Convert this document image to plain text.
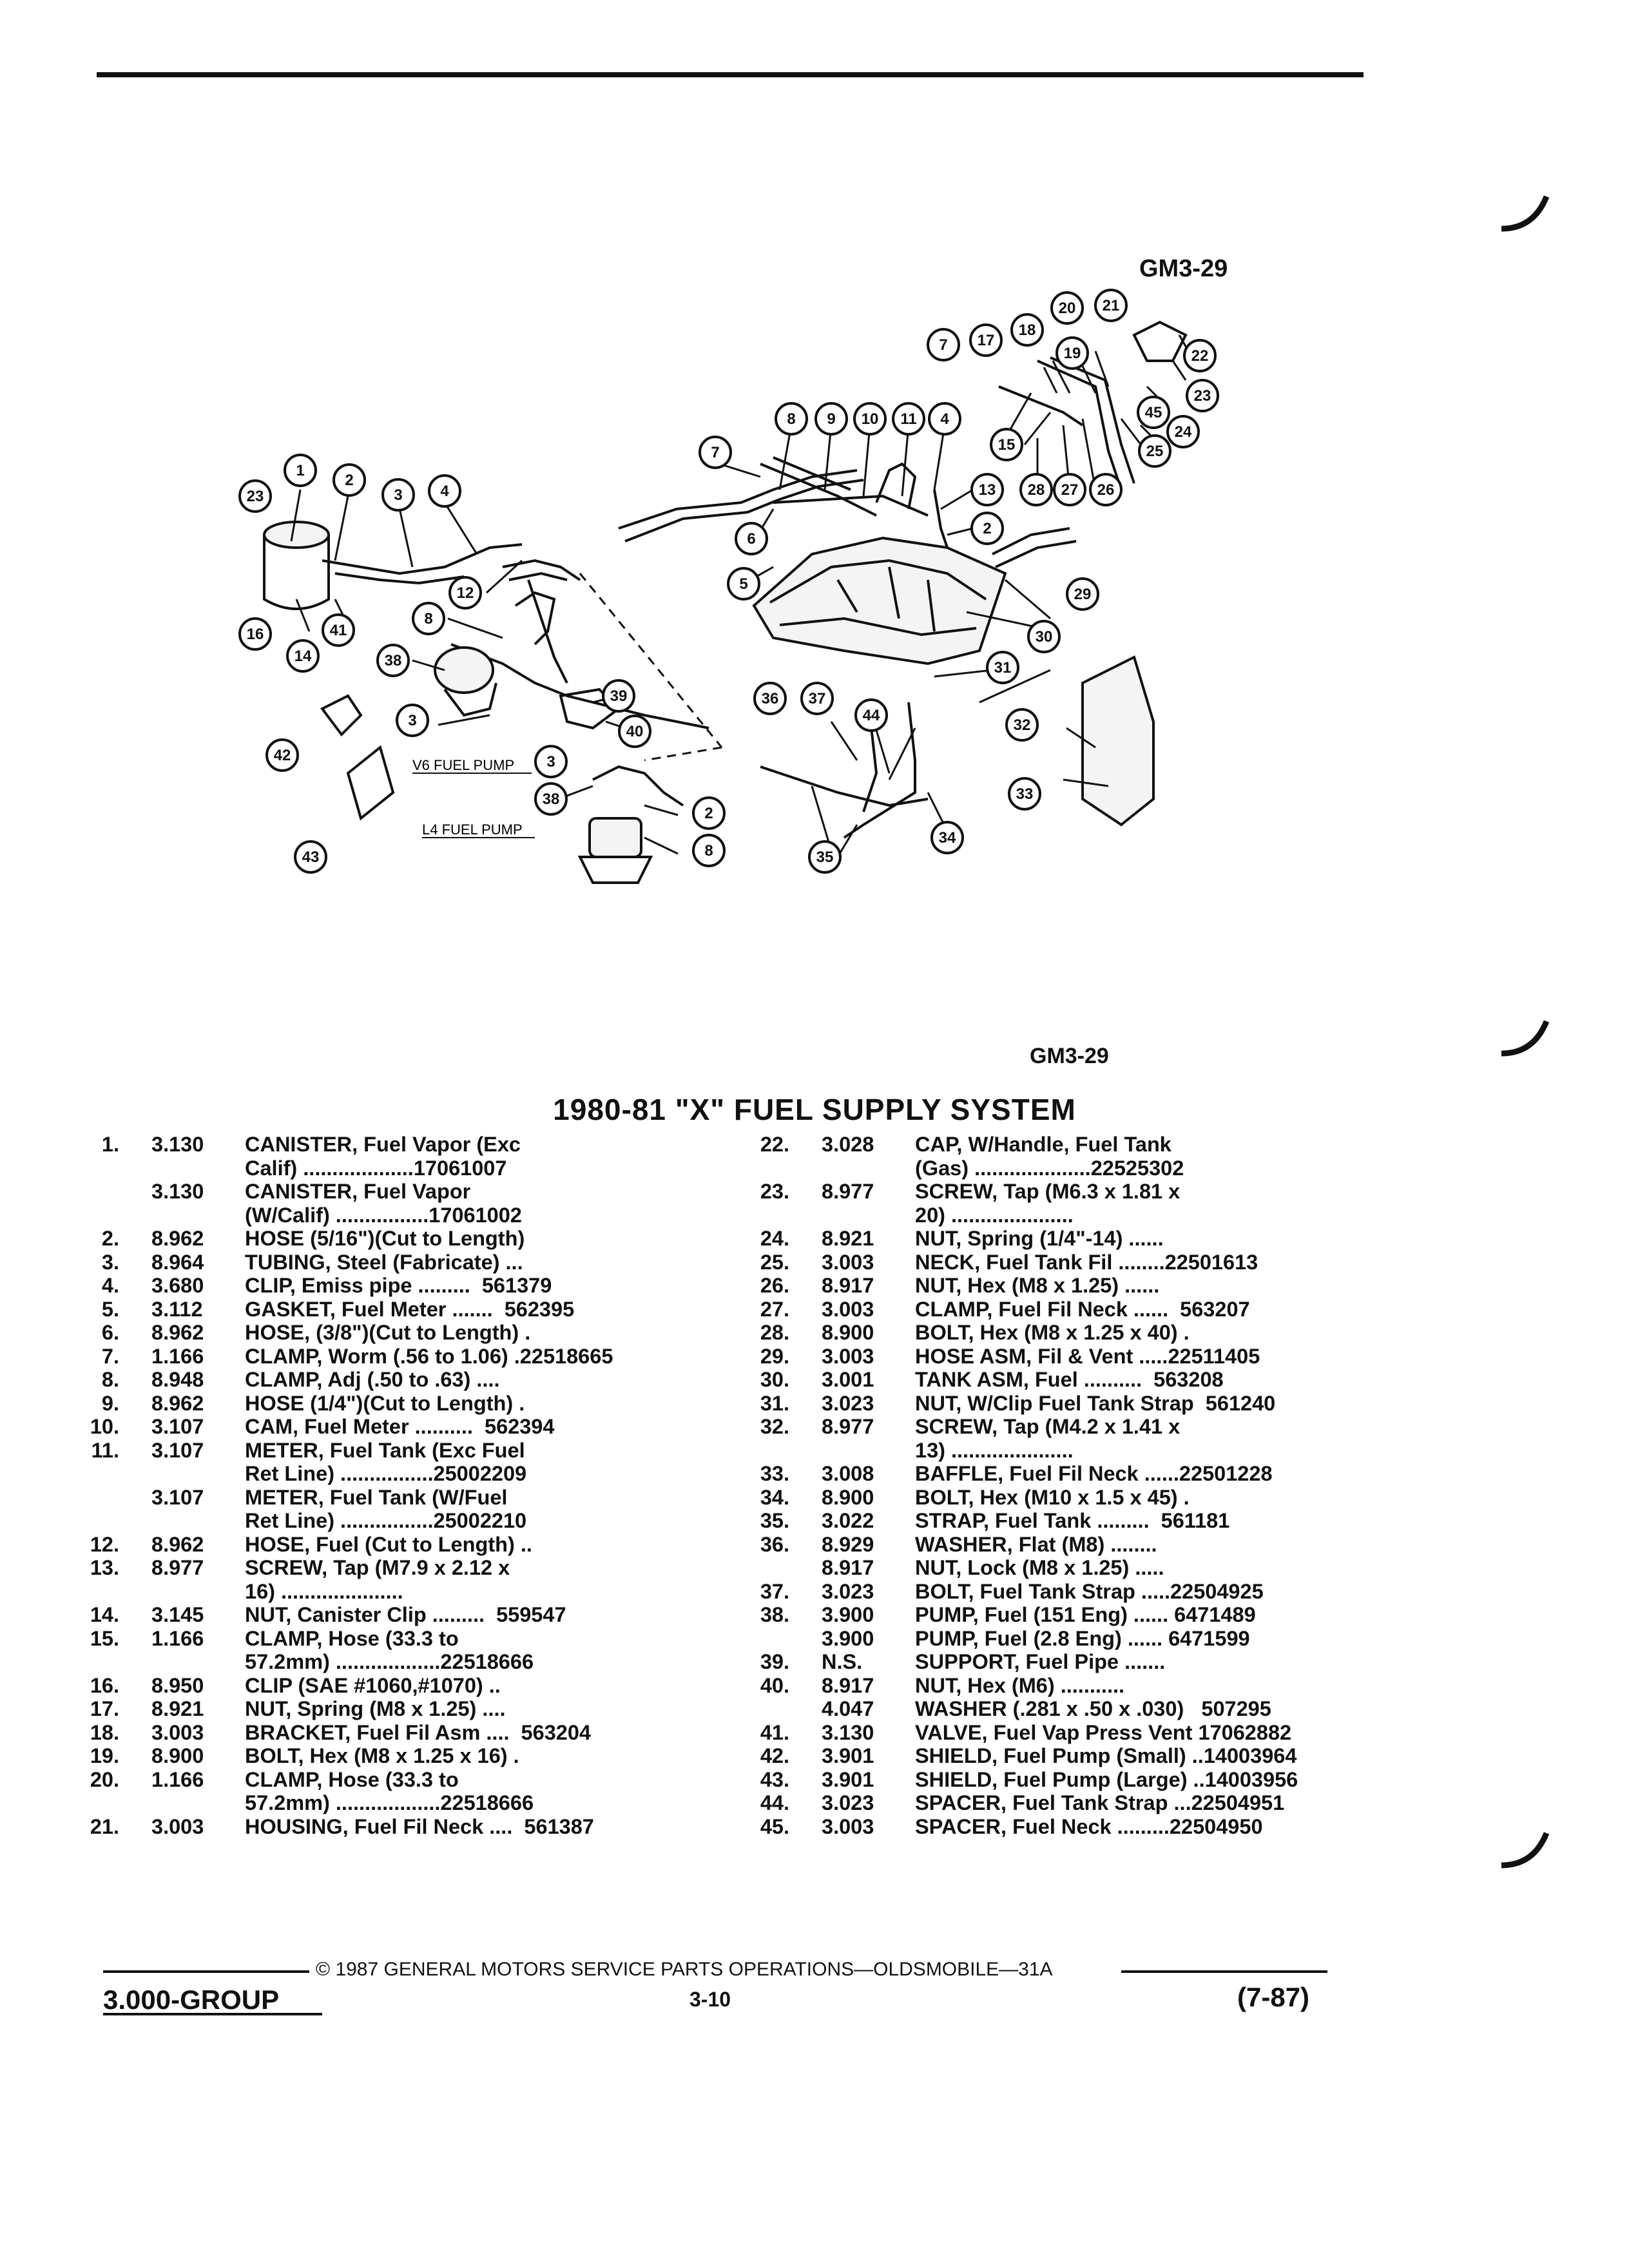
GM3-29
1
2
3 4
5
6
7
8 9 10 11 4
13
2
29
30
31
12
8
38
3
39
40
3
38
2
8
23
16
14
41
42
43
36 37
44
35
34
32
33
15
7 17
18
19
20 21
22
23
24
45
25
28 27 26
V6 FUEL PUMP
L4 FUEL PUMP
GM3-29
1980-81 "X" FUEL SUPPLY SYSTEM
1.	3.130	CANISTER, Fuel Vapor (Exc
Calif) ...................17061007
3.130	CANISTER, Fuel Vapor
(W/Calif) ................17061002
2.	8.962	HOSE (5/16")(Cut to Length)
3.	8.964	TUBING, Steel (Fabricate) ...
4.	3.680	CLIP, Emiss pipe .........  561379
5.	3.112	GASKET, Fuel Meter .......  562395
6.	8.962	HOSE, (3/8")(Cut to Length) .
7.	1.166	CLAMP, Worm (.56 to 1.06) .22518665
8.	8.948	CLAMP, Adj (.50 to .63) ....
9.	8.962	HOSE (1/4")(Cut to Length) .
10.	3.107	CAM, Fuel Meter ..........  562394
11.	3.107	METER, Fuel Tank (Exc Fuel
Ret Line) ................25002209
3.107	METER, Fuel Tank (W/Fuel
Ret Line) ................25002210
12.	8.962	HOSE, Fuel (Cut to Length) ..
13.	8.977	SCREW, Tap (M7.9 x 2.12 x
16) .....................
14.	3.145	NUT, Canister Clip .........  559547
15.	1.166	CLAMP, Hose (33.3 to
57.2mm) ..................22518666
16.	8.950	CLIP (SAE #1060,#1070) ..
17.	8.921	NUT, Spring (M8 x 1.25) ....
18.	3.003	BRACKET, Fuel Fil Asm ....  563204
19.	8.900	BOLT, Hex (M8 x 1.25 x 16) .
20.	1.166	CLAMP, Hose (33.3 to
57.2mm) ..................22518666
21.	3.003	HOUSING, Fuel Fil Neck ....  561387
22.	3.028	CAP, W/Handle, Fuel Tank
(Gas) ....................22525302
23.	8.977	SCREW, Tap (M6.3 x 1.81 x
20) .....................
24.	8.921	NUT, Spring (1/4"-14) ......
25.	3.003	NECK, Fuel Tank Fil ........22501613
26.	8.917	NUT, Hex (M8 x 1.25) ......
27.	3.003	CLAMP, Fuel Fil Neck ......  563207
28.	8.900	BOLT, Hex (M8 x 1.25 x 40) .
29.	3.003	HOSE ASM, Fil & Vent .....22511405
30.	3.001	TANK ASM, Fuel ..........  563208
31.	3.023	NUT, W/Clip Fuel Tank Strap  561240
32.	8.977	SCREW, Tap (M4.2 x 1.41 x
13) .....................
33.	3.008	BAFFLE, Fuel Fil Neck ......22501228
34.	8.900	BOLT, Hex (M10 x 1.5 x 45) .
35.	3.022	STRAP, Fuel Tank .........  561181
36.	8.929	WASHER, Flat (M8) ........
8.917	NUT, Lock (M8 x 1.25) .....
37.	3.023	BOLT, Fuel Tank Strap .....22504925
38.	3.900	PUMP, Fuel (151 Eng) ...... 6471489
3.900	PUMP, Fuel (2.8 Eng) ...... 6471599
39.	N.S.	SUPPORT, Fuel Pipe .......
40.	8.917	NUT, Hex (M6) ...........
4.047	WASHER (.281 x .50 x .030)   507295
41.	3.130	VALVE, Fuel Vap Press Vent 17062882
42.	3.901	SHIELD, Fuel Pump (Small) ..14003964
43.	3.901	SHIELD, Fuel Pump (Large) ..14003956
44.	3.023	SPACER, Fuel Tank Strap ...22504951
45.	3.003	SPACER, Fuel Neck .........22504950
© 1987 GENERAL MOTORS SERVICE PARTS OPERATIONS—OLDSMOBILE—31A
3.000-GROUP	3-10	(7-87)
